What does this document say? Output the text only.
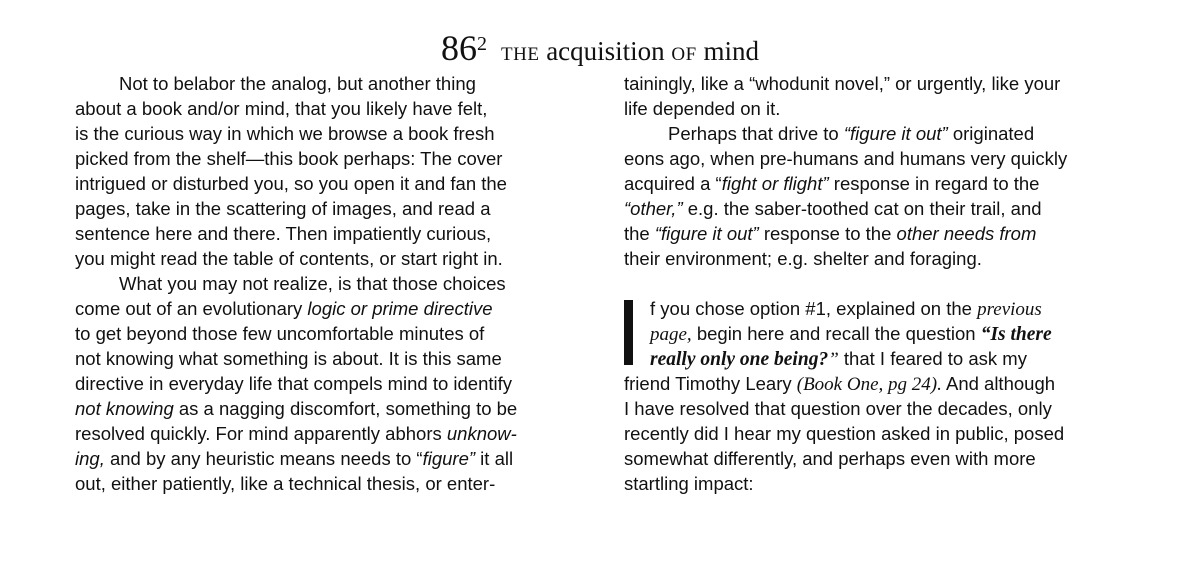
$86^2$ THE acquisition OF mind
Not to belabor the analog, but another thing
about a book and/or mind, that you likely have felt,
is the curious way in which we browse a book fresh
picked from the shelf—this book perhaps: The cover
intrigued or disturbed you, so you open it and fan the
pages, take in the scattering of images, and read a
sentence here and there. Then impatiently curious,
you might read the table of contents, or start right in.
What you may not realize, is that those choices
come out of an evolutionary logic or prime directive
to get beyond those few uncomfortable minutes of
not knowing what something is about. It is this same
directive in everyday life that compels mind to identify
not knowing as a nagging discomfort, something to be
resolved quickly. For mind apparently abhors unknow-
ing, and by any heuristic means needs to “figure” it all
out, either patiently, like a technical thesis, or enter-
tainingly, like a “whodunit novel,” or urgently, like your
life depended on it.
Perhaps that drive to “figure it out” originated
eons ago, when pre-humans and humans very quickly
acquired a “fight or flight” response in regard to the
“other,” e.g. the saber-toothed cat on their trail, and
the “figure it out” response to the other needs from
their environment; e.g. shelter and foraging.
f you chose option #1, explained on the previous
page, begin here and recall the question “Is there
really only one being?” that I feared to ask my
friend Timothy Leary (Book One, pg 24). And although
I have resolved that question over the decades, only
recently did I hear my question asked in public, posed
somewhat differently, and perhaps even with more
startling impact:
